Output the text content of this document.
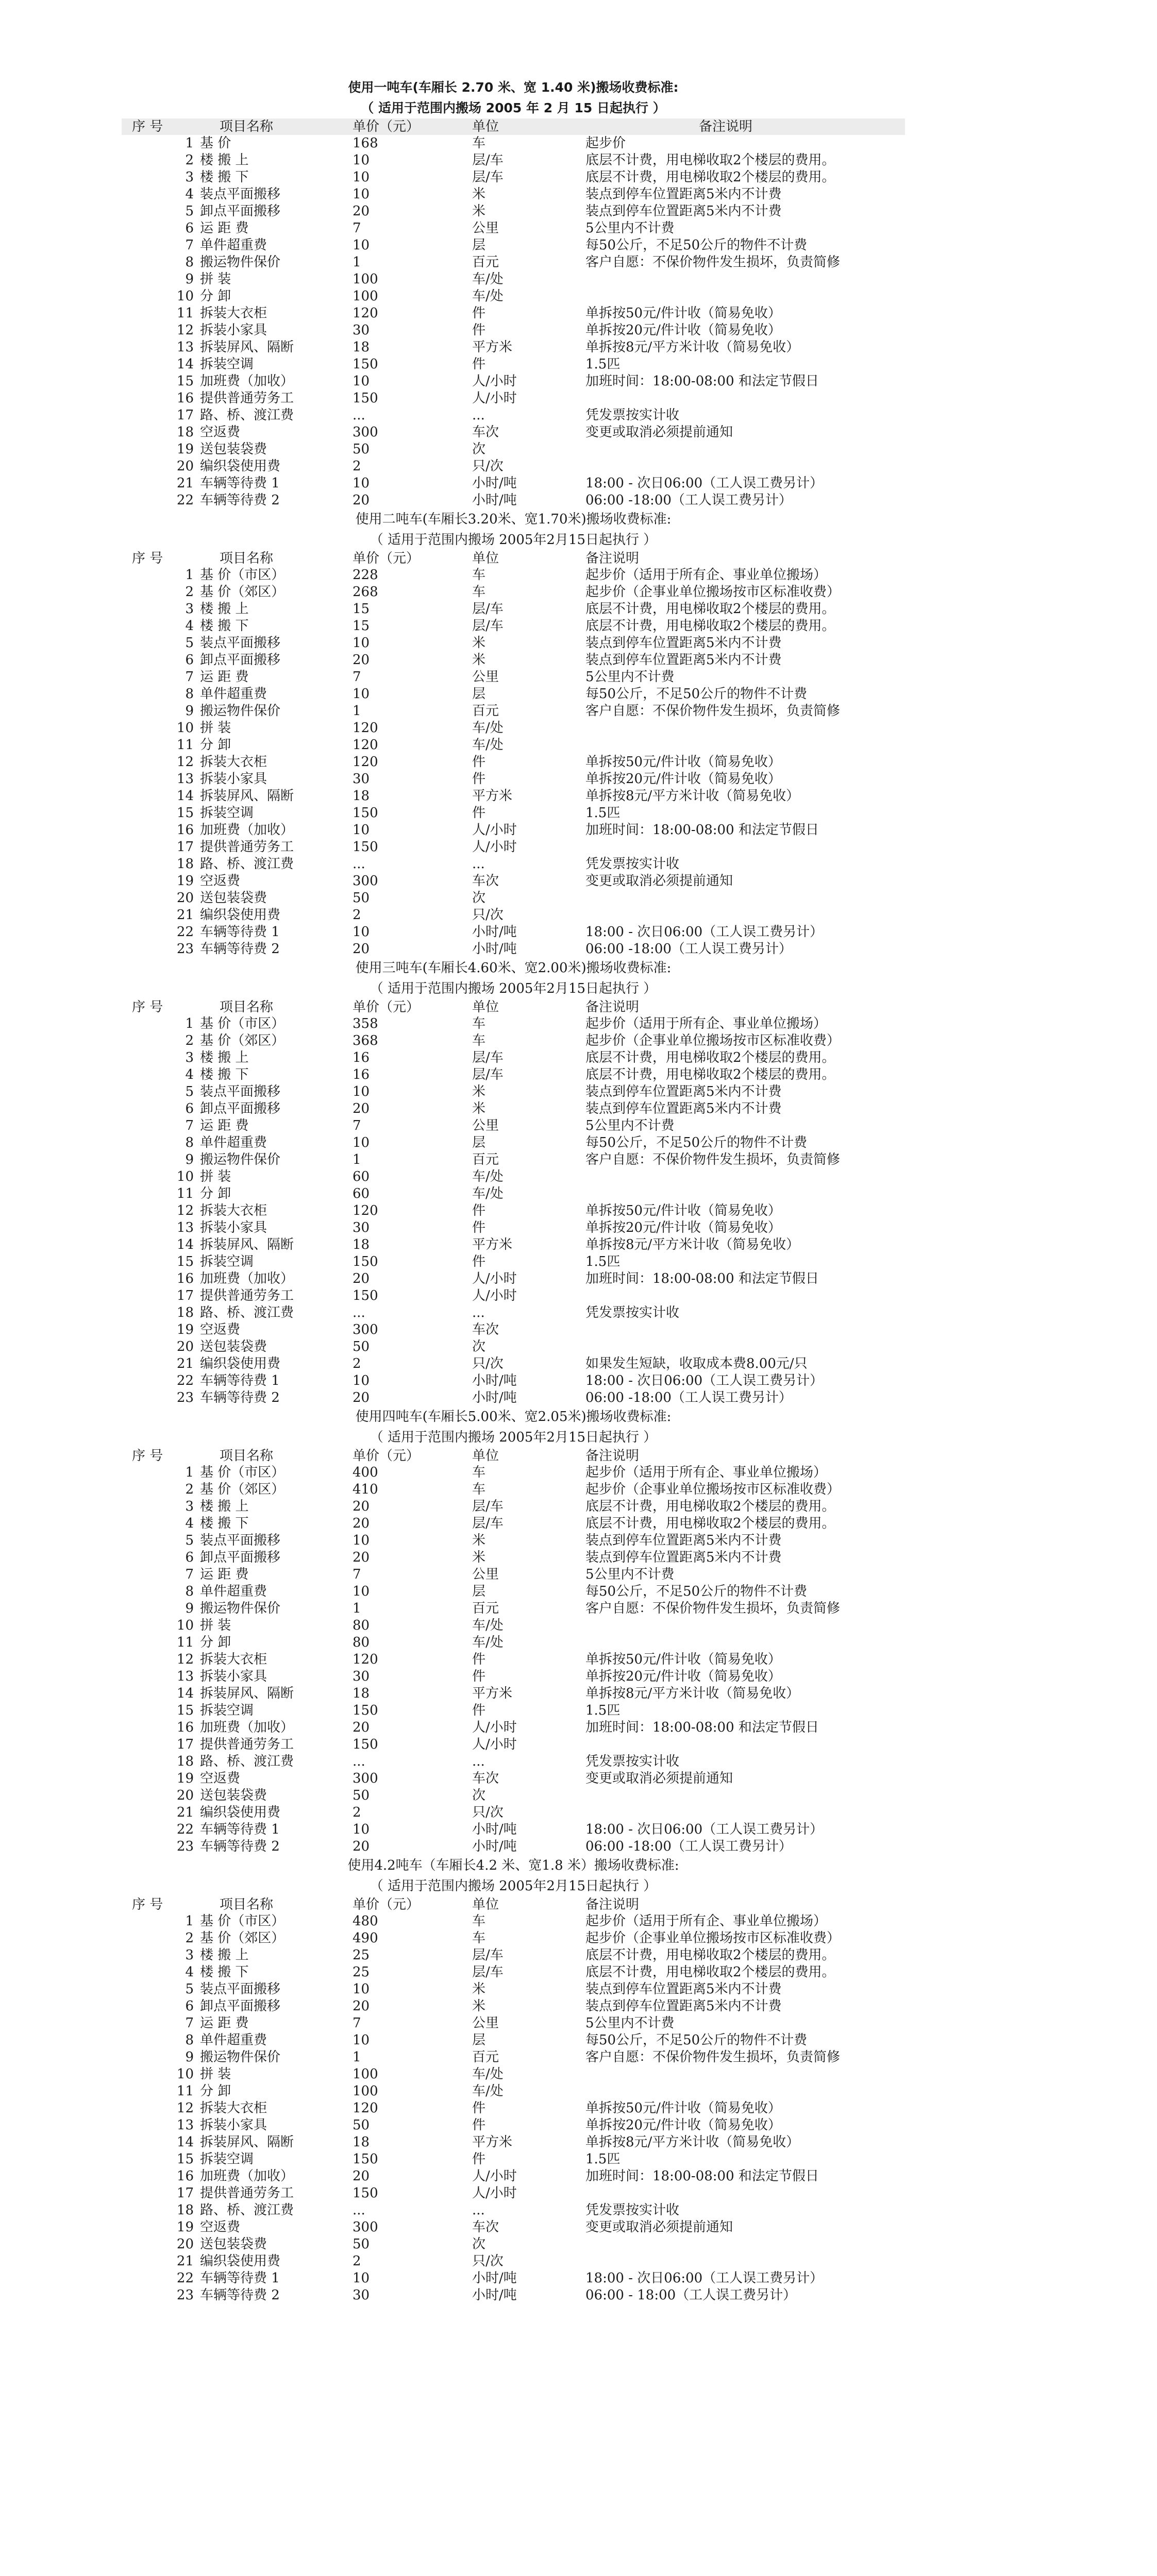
使用一吨车(车厢长 2.70 米、宽 1.40 米)搬场收费标准:
（ 适用于范围内搬场 2005 年 2 月 15 日起执行 ）
序 号	项目名称	单价（元）	单位	备注说明
1 基 价	168	车	起步价
2 楼 搬 上	10	层/车	底层不计费，用电梯收取2个楼层的费用。
3 楼 搬 下	10	层/车	底层不计费，用电梯收取2个楼层的费用。
4 装点平面搬移	10	米	装点到停车位置距离5米内不计费
5 卸点平面搬移	20	米	装点到停车位置距离5米内不计费
6 运 距 费	7	公里	5公里内不计费
7 单件超重费	10	层	每50公斤，不足50公斤的物件不计费
8 搬运物件保价	1	百元	客户自愿：不保价物件发生损坏，负责简修
9 拼 装	100	车/处
10 分 卸	100	车/处
11 拆装大衣柜	120	件	单拆按50元/件计收（简易免收）
12 拆装小家具	30	件	单拆按20元/件计收（简易免收）
13 拆装屏风、隔断	18	平方米	单拆按8元/平方米计收（简易免收）
14 拆装空调	150	件	1.5匹
15 加班费（加收）	10	人/小时	加班时间：18:00-08:00 和法定节假日
16 提供普通劳务工	150	人/小时
17 路、桥、渡江费	...	...	凭发票按实计收
18 空返费	300	车次	变更或取消必须提前通知
19 送包装袋费	50	次
20 编织袋使用费	2	只/次
21 车辆等待费 1	10	小时/吨	18:00 - 次日06:00（工人误工费另计）
22 车辆等待费 2	20	小时/吨	06:00 -18:00（工人误工费另计）
使用二吨车(车厢长3.20米、宽1.70米)搬场收费标准:
（ 适用于范围内搬场 2005年2月15日起执行 ）
序 号	项目名称	单价（元）	单位	备注说明
1 基 价（市区）	228	车	起步价（适用于所有企、事业单位搬场）
2 基 价（郊区）	268	车	起步价（企事业单位搬场按市区标准收费）
3 楼 搬 上	15	层/车	底层不计费，用电梯收取2个楼层的费用。
4 楼 搬 下	15	层/车	底层不计费，用电梯收取2个楼层的费用。
5 装点平面搬移	10	米	装点到停车位置距离5米内不计费
6 卸点平面搬移	20	米	装点到停车位置距离5米内不计费
7 运 距 费	7	公里	5公里内不计费
8 单件超重费	10	层	每50公斤，不足50公斤的物件不计费
9 搬运物件保价	1	百元	客户自愿：不保价物件发生损坏，负责简修
10 拼 装	120	车/处
11 分 卸	120	车/处
12 拆装大衣柜	120	件	单拆按50元/件计收（简易免收）
13 拆装小家具	30	件	单拆按20元/件计收（简易免收）
14 拆装屏风、隔断	18	平方米	单拆按8元/平方米计收（简易免收）
15 拆装空调	150	件	1.5匹
16 加班费（加收）	10	人/小时	加班时间：18:00-08:00 和法定节假日
17 提供普通劳务工	150	人/小时
18 路、桥、渡江费	...	...	凭发票按实计收
19 空返费	300	车次	变更或取消必须提前通知
20 送包装袋费	50	次
21 编织袋使用费	2	只/次
22 车辆等待费 1	10	小时/吨	18:00 - 次日06:00（工人误工费另计）
23 车辆等待费 2	20	小时/吨	06:00 -18:00（工人误工费另计）
使用三吨车(车厢长4.60米、宽2.00米)搬场收费标准:
（ 适用于范围内搬场 2005年2月15日起执行 ）
序 号	项目名称	单价（元）	单位	备注说明
1 基 价（市区）	358	车	起步价（适用于所有企、事业单位搬场）
2 基 价（郊区）	368	车	起步价（企事业单位搬场按市区标准收费）
3 楼 搬 上	16	层/车	底层不计费，用电梯收取2个楼层的费用。
4 楼 搬 下	16	层/车	底层不计费，用电梯收取2个楼层的费用。
5 装点平面搬移	10	米	装点到停车位置距离5米内不计费
6 卸点平面搬移	20	米	装点到停车位置距离5米内不计费
7 运 距 费	7	公里	5公里内不计费
8 单件超重费	10	层	每50公斤，不足50公斤的物件不计费
9 搬运物件保价	1	百元	客户自愿：不保价物件发生损坏，负责简修
10 拼 装	60	车/处
11 分 卸	60	车/处
12 拆装大衣柜	120	件	单拆按50元/件计收（简易免收）
13 拆装小家具	30	件	单拆按20元/件计收（简易免收）
14 拆装屏风、隔断	18	平方米	单拆按8元/平方米计收（简易免收）
15 拆装空调	150	件	1.5匹
16 加班费（加收）	20	人/小时	加班时间：18:00-08:00 和法定节假日
17 提供普通劳务工	150	人/小时
18 路、桥、渡江费	...	...	凭发票按实计收
19 空返费	300	车次
20 送包装袋费	50	次
21 编织袋使用费	2	只/次	如果发生短缺，收取成本费8.00元/只
22 车辆等待费 1	10	小时/吨	18:00 - 次日06:00（工人误工费另计）
23 车辆等待费 2	20	小时/吨	06:00 -18:00（工人误工费另计）
使用四吨车(车厢长5.00米、宽2.05米)搬场收费标准:
（ 适用于范围内搬场 2005年2月15日起执行 ）
序 号	项目名称	单价（元）	单位	备注说明
1 基 价（市区）	400	车	起步价（适用于所有企、事业单位搬场）
2 基 价（郊区）	410	车	起步价（企事业单位搬场按市区标准收费）
3 楼 搬 上	20	层/车	底层不计费，用电梯收取2个楼层的费用。
4 楼 搬 下	20	层/车	底层不计费，用电梯收取2个楼层的费用。
5 装点平面搬移	10	米	装点到停车位置距离5米内不计费
6 卸点平面搬移	20	米	装点到停车位置距离5米内不计费
7 运 距 费	7	公里	5公里内不计费
8 单件超重费	10	层	每50公斤，不足50公斤的物件不计费
9 搬运物件保价	1	百元	客户自愿：不保价物件发生损坏，负责简修
10 拼 装	80	车/处
11 分 卸	80	车/处
12 拆装大衣柜	120	件	单拆按50元/件计收（简易免收）
13 拆装小家具	30	件	单拆按20元/件计收（简易免收）
14 拆装屏风、隔断	18	平方米	单拆按8元/平方米计收（简易免收）
15 拆装空调	150	件	1.5匹
16 加班费（加收）	20	人/小时	加班时间：18:00-08:00 和法定节假日
17 提供普通劳务工	150	人/小时
18 路、桥、渡江费	...	...	凭发票按实计收
19 空返费	300	车次	变更或取消必须提前通知
20 送包装袋费	50	次
21 编织袋使用费	2	只/次
22 车辆等待费 1	10	小时/吨	18:00 - 次日06:00（工人误工费另计）
23 车辆等待费 2	20	小时/吨	06:00 -18:00（工人误工费另计）
使用4.2吨车（车厢长4.2 米、宽1.8 米）搬场收费标准:
（ 适用于范围内搬场 2005年2月15日起执行 ）
序 号	项目名称	单价（元）	单位	备注说明
1 基 价（市区）	480	车	起步价（适用于所有企、事业单位搬场）
2 基 价（郊区）	490	车	起步价（企事业单位搬场按市区标准收费）
3 楼 搬 上	25	层/车	底层不计费，用电梯收取2个楼层的费用。
4 楼 搬 下	25	层/车	底层不计费，用电梯收取2个楼层的费用。
5 装点平面搬移	10	米	装点到停车位置距离5米内不计费
6 卸点平面搬移	20	米	装点到停车位置距离5米内不计费
7 运 距 费	7	公里	5公里内不计费
8 单件超重费	10	层	每50公斤，不足50公斤的物件不计费
9 搬运物件保价	1	百元	客户自愿：不保价物件发生损坏，负责简修
10 拼 装	100	车/处
11 分 卸	100	车/处
12 拆装大衣柜	120	件	单拆按50元/件计收（简易免收）
13 拆装小家具	50	件	单拆按20元/件计收（简易免收）
14 拆装屏风、隔断	18	平方米	单拆按8元/平方米计收（简易免收）
15 拆装空调	150	件	1.5匹
16 加班费（加收）	20	人/小时	加班时间：18:00-08:00 和法定节假日
17 提供普通劳务工	150	人/小时
18 路、桥、渡江费	...	...	凭发票按实计收
19 空返费	300	车次	变更或取消必须提前通知
20 送包装袋费	50	次
21 编织袋使用费	2	只/次
22 车辆等待费 1	10	小时/吨	18:00 - 次日06:00（工人误工费另计）
23 车辆等待费 2	30	小时/吨	06:00 - 18:00（工人误工费另计）
